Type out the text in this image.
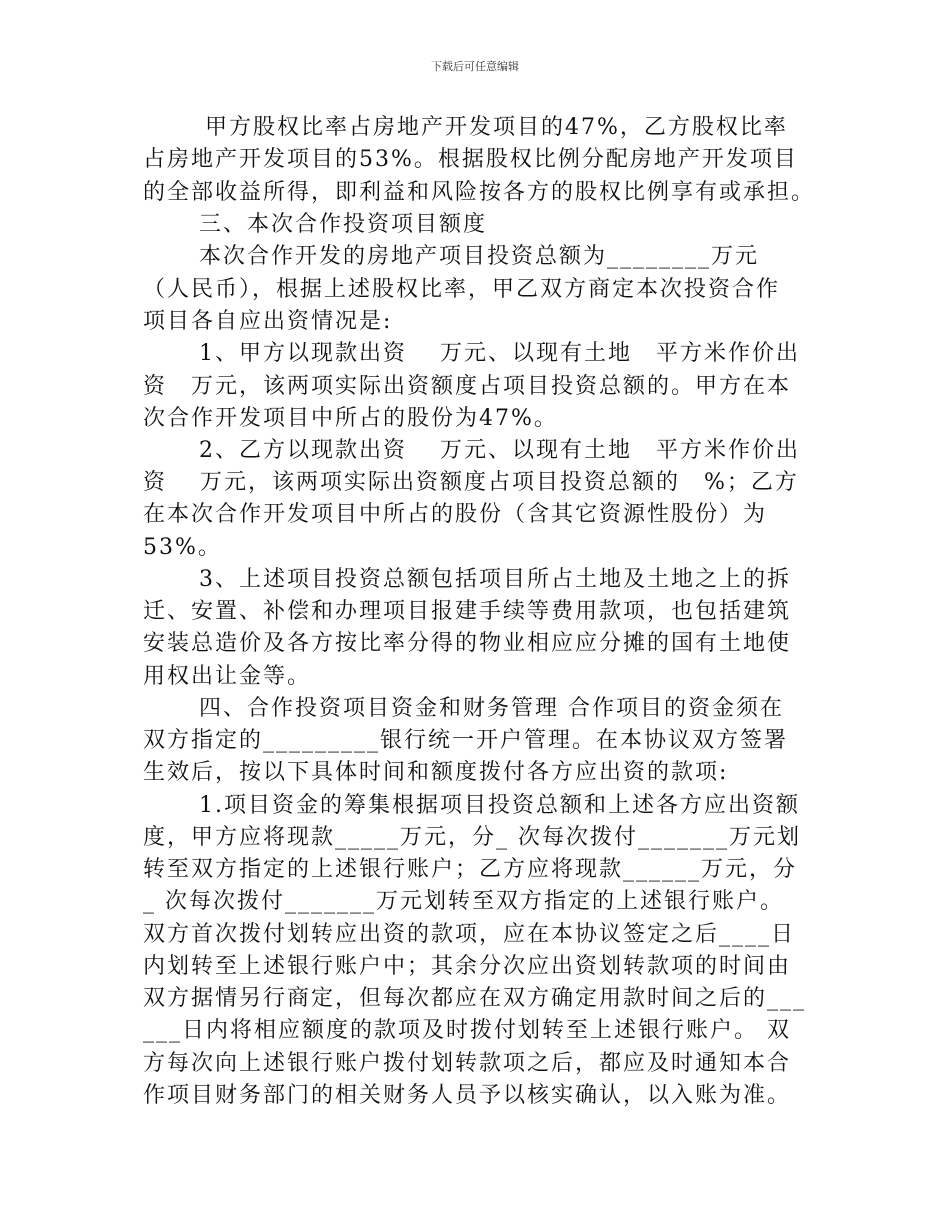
下载后可任意编辑
甲方股权比率占房地产开发项目的47%，乙方股权比率
占房地产开发项目的53%。根据股权比例分配房地产开发项目
的全部收益所得，即利益和风险按各方的股权比例享有或承担。
三、本次合作投资项目额度
本次合作开发的房地产项目投资总额为________万元
（人民币），根据上述股权比率，甲乙双方商定本次投资合作
项目各自应出资情况是:
1、甲方以现款出资　 万元、以现有土地　平方米作价出
资　万元，该两项实际出资额度占项目投资总额的。甲方在本
次合作开发项目中所占的股份为47%。
2、乙方以现款出资　 万元、以现有土地　平方米作价出
资　 万元，该两项实际出资额度占项目投资总额的　%；乙方
在本次合作开发项目中所占的股份（含其它资源性股份）为
53%。
3、上述项目投资总额包括项目所占土地及土地之上的拆
迁、安置、补偿和办理项目报建手续等费用款项，也包括建筑
安装总造价及各方按比率分得的物业相应应分摊的国有土地使
用权出让金等。
四、合作投资项目资金和财务管理 合作项目的资金须在
双方指定的_________银行统一开户管理。在本协议双方签署
生效后，按以下具体时间和额度拨付各方应出资的款项:
1.项目资金的筹集根据项目投资总额和上述各方应出资额
度，甲方应将现款_____万元，分_ 次每次拨付_______万元划
转至双方指定的上述银行账户；乙方应将现款______万元，分
_ 次每次拨付_______万元划转至双方指定的上述银行账户。
双方首次拨付划转应出资的款项，应在本协议签定之后____日
内划转至上述银行账户中；其余分次应出资划转款项的时间由
双方据情另行商定，但每次都应在双方确定用款时间之后的___
___日内将相应额度的款项及时拨付划转至上述银行账户。 双
方每次向上述银行账户拨付划转款项之后，都应及时通知本合
作项目财务部门的相关财务人员予以核实确认，以入账为准。
